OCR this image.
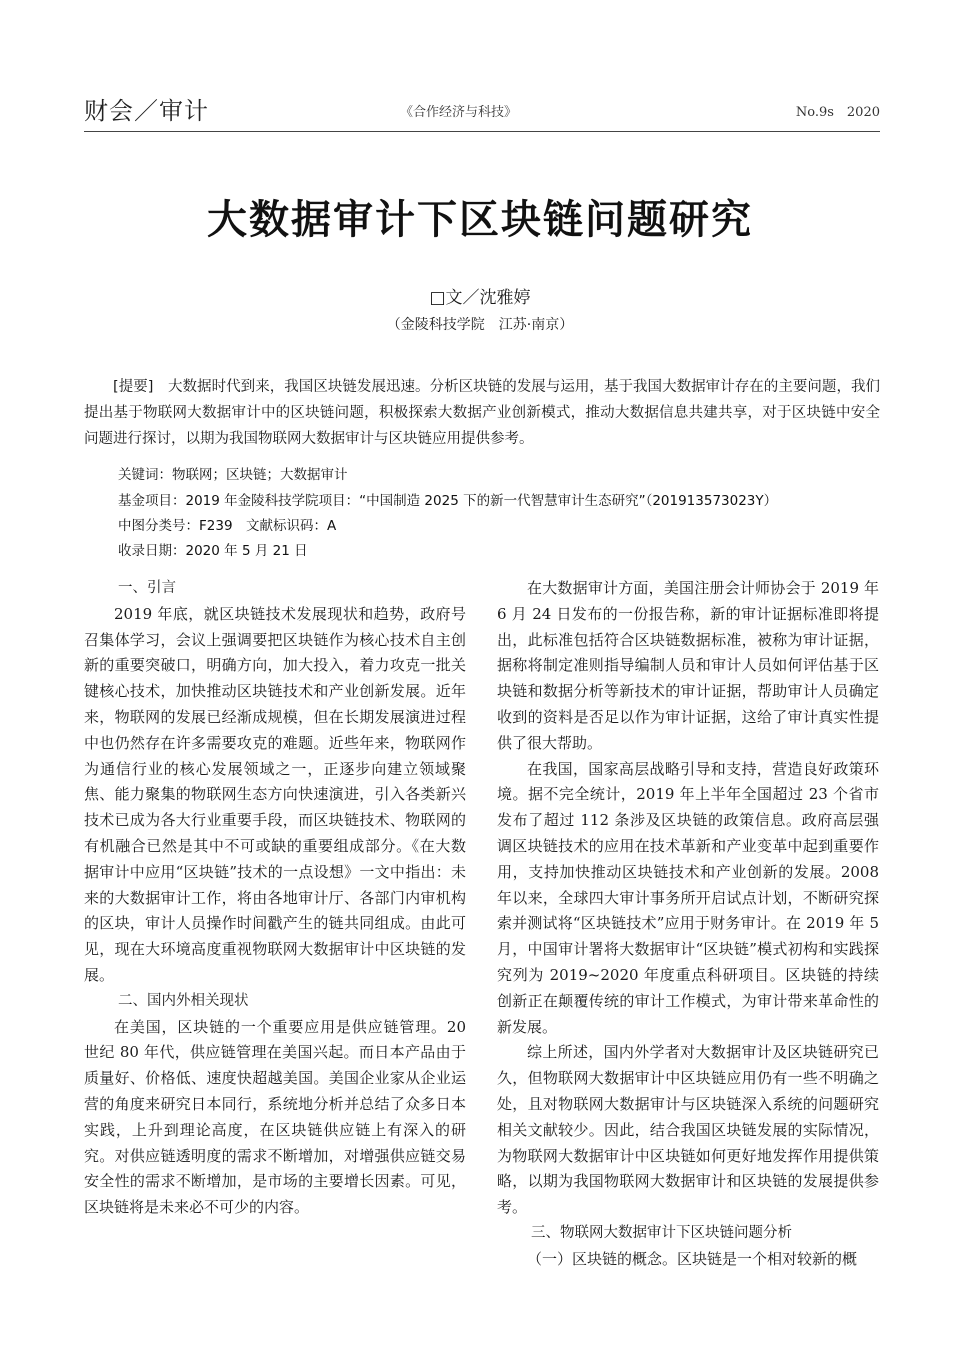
财会／审计	《合作经济与科技》	No.9s　2020
大数据审计下区块链问题研究
□文／沈雅婷
（金陵科技学院　江苏·南京）
[提要]　 大数据时代到来，我国区块链发展迅速。分析区块链的发展与运用，基于我国大数据审计存在的主要问题，我们提出基于物联网大数据审计中的区块链问题，积极探索大数据产业创新模式，推动大数据信息共建共享，对于区块链中安全问题进行探讨，以期为我国物联网大数据审计与区块链应用提供参考。
关键词：物联网；区块链；大数据审计
基金项目：2019 年金陵科技学院项目：“中国制造 2025 下的新一代智慧审计生态研究”（201913573023Y）
中图分类号：F239　文献标识码：A
收录日期：2020 年 5 月 21 日
一、引言

2019 年底，就区块链技术发展现状和趋势，政府号召集体学习，会议上强调要把区块链作为核心技术自主创新的重要突破口，明确方向，加大投入，着力攻克一批关键核心技术，加快推动区块链技术和产业创新发展。近年来，物联网的发展已经渐成规模，但在长期发展演进过程中也仍然存在许多需要攻克的难题。近些年来，物联网作为通信行业的核心发展领域之一，正逐步向建立领域聚焦、能力聚集的物联网生态方向快速演进，引入各类新兴技术已成为各大行业重要手段，而区块链技术、物联网的有机融合已然是其中不可或缺的重要组成部分。《在大数据审计中应用“区块链”技术的一点设想》一文中指出：未来的大数据审计工作，将由各地审计厅、各部门内审机构的区块，审计人员操作时间戳产生的链共同组成。由此可见，现在大环境高度重视物联网大数据审计中区块链的发展。

二、国内外相关现状

在美国，区块链的一个重要应用是供应链管理。20 世纪 80 年代，供应链管理在美国兴起。而日本产品由于质量好、价格低、速度快超越美国。美国企业家从企业运营的角度来研究日本同行，系统地分析并总结了众多日本实践，上升到理论高度，在区块链供应链上有深入的研究。对供应链透明度的需求不断增加，对增强供应链交易安全性的需求不断增加，是市场的主要增长因素。可见，区块链将是未来必不可少的内容。

在大数据审计方面，美国注册会计师协会于 2019 年 6 月 24 日发布的一份报告称，新的审计证据标准即将提出，此标准包括符合区块链数据标准，被称为审计证据，据称将制定准则指导编制人员和审计人员如何评估基于区块链和数据分析等新技术的审计证据，帮助审计人员确定收到的资料是否足以作为审计证据，这给了审计真实性提供了很大帮助。

在我国，国家高层战略引导和支持，营造良好政策环境。据不完全统计，2019 年上半年全国超过 23 个省市发布了超过 112 条涉及区块链的政策信息。政府高层强调区块链技术的应用在技术革新和产业变革中起到重要作用，支持加快推动区块链技术和产业创新的发展。2008 年以来，全球四大审计事务所开启试点计划，不断研究探索并测试将“区块链技术”应用于财务审计。在 2019 年 5 月，中国审计署将大数据审计“区块链”模式初构和实践探究列为 2019~2020 年度重点科研项目。区块链的持续创新正在颠覆传统的审计工作模式，为审计带来革命性的新发展。

综上所述，国内外学者对大数据审计及区块链研究已久，但物联网大数据审计中区块链应用仍有一些不明确之处，且对物联网大数据审计与区块链深入系统的问题研究相关文献较少。因此，结合我国区块链发展的实际情况，为物联网大数据审计中区块链如何更好地发挥作用提供策略，以期为我国物联网大数据审计和区块链的发展提供参考。

三、物联网大数据审计下区块链问题分析

（一）区块链的概念。区块链是一个相对较新的概
